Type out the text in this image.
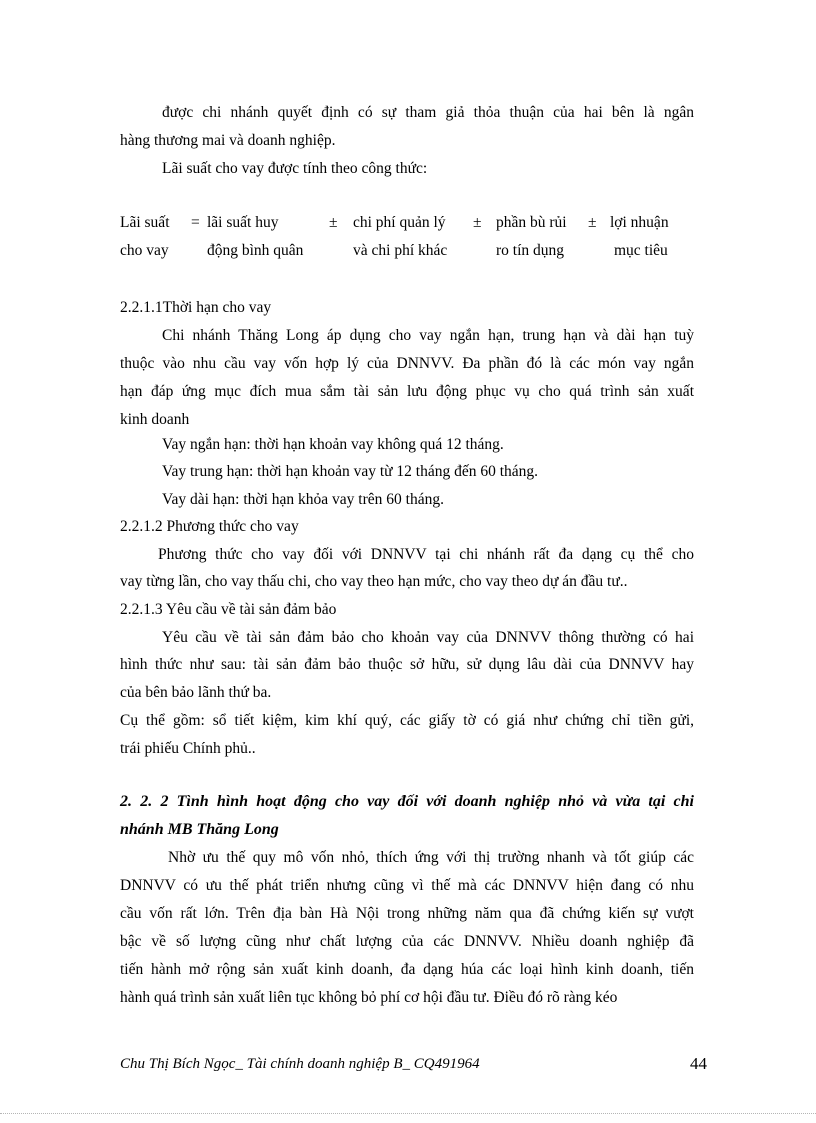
được chi nhánh quyết định có sự tham giả thỏa thuận của hai bên là ngân
hàng thương mai và doanh nghiệp.
Lãi suất cho vay được tính theo công thức:
Lãi suất
cho vay
= lãi suất huy
động bình quân
± chi phí quản lý
và chi phí khác
± phần bù rủi
ro tín dụng
± lợi nhuận
mục tiêu
2.2.1.1Thời hạn cho vay
Chi nhánh Thăng Long áp dụng cho vay ngắn hạn, trung hạn và dài hạn tuỳ
thuộc vào nhu cầu vay vốn hợp lý của DNNVV. Đa phần đó là các món vay ngắn
hạn đáp ứng mục đích mua sắm tài sản lưu động phục vụ cho quá trình sản xuất
kinh doanh
Vay ngắn hạn: thời hạn khoản vay không quá 12 tháng.
Vay trung hạn: thời hạn khoản vay từ 12 tháng đến 60 tháng.
Vay dài hạn: thời hạn khỏa vay trên 60 tháng.
2.2.1.2 Phương thức cho vay
Phương thức cho vay đối với DNNVV tại chi nhánh rất đa dạng cụ thể cho
vay từng lần, cho vay thấu chi, cho vay theo hạn mức, cho vay theo dự án đầu tư..
2.2.1.3 Yêu cầu về tài sản đảm bảo
Yêu cầu về tài sản đảm bảo cho khoản vay của DNNVV thông thường có hai
hình thức như sau: tài sản đảm bảo thuộc sở hữu, sử dụng lâu dài của DNNVV hay
của bên bảo lãnh thứ ba.
Cụ thể gồm: sổ tiết kiệm, kim khí quý, các giấy tờ có giá như chứng chỉ tiền gửi,
trái phiếu Chính phủ..
2. 2. 2 Tình hình hoạt động cho vay đối với doanh nghiệp nhỏ và vừa tại chi
nhánh MB Thăng Long
Nhờ ưu thế quy mô vốn nhỏ, thích ứng với thị trường nhanh và tốt giúp các
DNNVV có ưu thế phát triển nhưng cũng vì thế mà các DNNVV hiện đang có nhu
cầu vốn rất lớn. Trên địa bàn Hà Nội trong những năm qua đã chứng kiến sự vượt
bậc về số lượng cũng như chất lượng của các DNNVV. Nhiều doanh nghiệp đã
tiến hành mở rộng sản xuất kinh doanh, đa dạng húa các loại hình kinh doanh, tiến
hành quá trình sản xuất liên tục không bỏ phí cơ hội đầu tư. Điều đó rõ ràng kéo
Chu Thị Bích Ngọc_ Tài chính doanh nghiệp B_ CQ491964	44
